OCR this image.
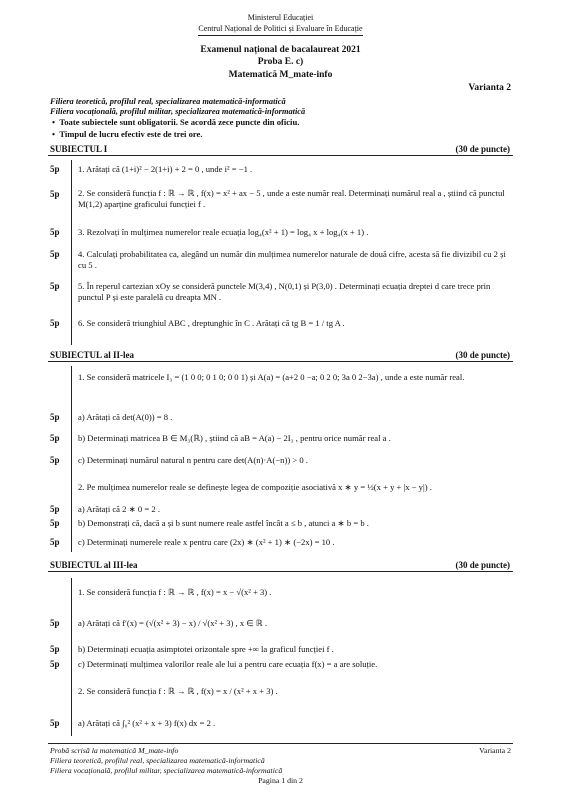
Ministerul Educației
Centrul Național de Politici și Evaluare în Educație
Examenul național de bacalaureat 2021
Proba E. c)
Matematică M_mate-info
Varianta 2
Filiera teoretică, profilul real, specializarea matematică-informatică
Filiera vocațională, profilul militar, specializarea matematică-informatică
•  Toate subiectele sunt obligatorii. Se acordă zece puncte din oficiu.
•  Timpul de lucru efectiv este de trei ore.
SUBIECTUL I	(30 de puncte)
5p	1. Arătați că (1+i)² − 2(1+i) + 2 = 0 , unde i² = −1 .
5p	2. Se consideră funcția f : ℝ → ℝ , f(x) = x² + ax − 5 , unde a este număr real. Determinați numărul real a , știind că punctul M(1,2) aparține graficului funcției f .
5p	3. Rezolvați în mulțimea numerelor reale ecuația log₄(x² + 1) = log₄ x + log₄(x + 1) .
5p	4. Calculați probabilitatea ca, alegând un număr din mulțimea numerelor naturale de două cifre, acesta să fie divizibil cu 2 și cu 5 .
5p	5. În reperul cartezian xOy se consideră punctele M(3,4) , N(0,1) și P(3,0) . Determinați ecuația dreptei d care trece prin punctul P și este paralelă cu dreapta MN .
5p	6. Se consideră triunghiul ABC , dreptunghic în C . Arătați că tg B = 1 / tg A .
SUBIECTUL al II-lea	(30 de puncte)
1. Se consideră matricele I₃ = (1 0 0; 0 1 0; 0 0 1) și A(a) = (a+2 0 −a; 0 2 0; 3a 0 2−3a) , unde a este număr real.
5p	a) Arătați că det(A(0)) = 8 .
5p	b) Determinați matricea B ∈ M₃(ℝ) , știind că aB = A(a) − 2I₃ , pentru orice număr real a .
5p	c) Determinați numărul natural n pentru care det(A(n)·A(−n)) > 0 .
2. Pe mulțimea numerelor reale se definește legea de compoziție asociativă x ∗ y = ½(x + y + |x − y|) .
5p	a) Arătați că 2 ∗ 0 = 2 .
5p	b) Demonstrați că, dacă a și b sunt numere reale astfel încât a ≤ b , atunci a ∗ b = b .
5p	c) Determinați numerele reale x pentru care (2x) ∗ (x² + 1) ∗ (−2x) = 10 .
SUBIECTUL al III-lea	(30 de puncte)
1. Se consideră funcția f : ℝ → ℝ , f(x) = x − √(x² + 3) .
5p	a) Arătați că f′(x) = (√(x² + 3) − x) / √(x² + 3) , x ∈ ℝ .
5p	b) Determinați ecuația asimptotei orizontale spre +∞ la graficul funcției f .
5p	c) Determinați mulțimea valorilor reale ale lui a pentru care ecuația f(x) = a are soluție.
2. Se consideră funcția f : ℝ → ℝ , f(x) = x / (x² + x + 3) .
5p	a) Arătați că ∫₀² (x² + x + 3) f(x) dx = 2 .
Probă scrisă la matematică M_mate-info	Varianta 2
Filiera teoretică, profilul real, specializarea matematică-informatică
Filiera vocațională, profilul militar, specializarea matematică-informatică
Pagina 1 din 2
